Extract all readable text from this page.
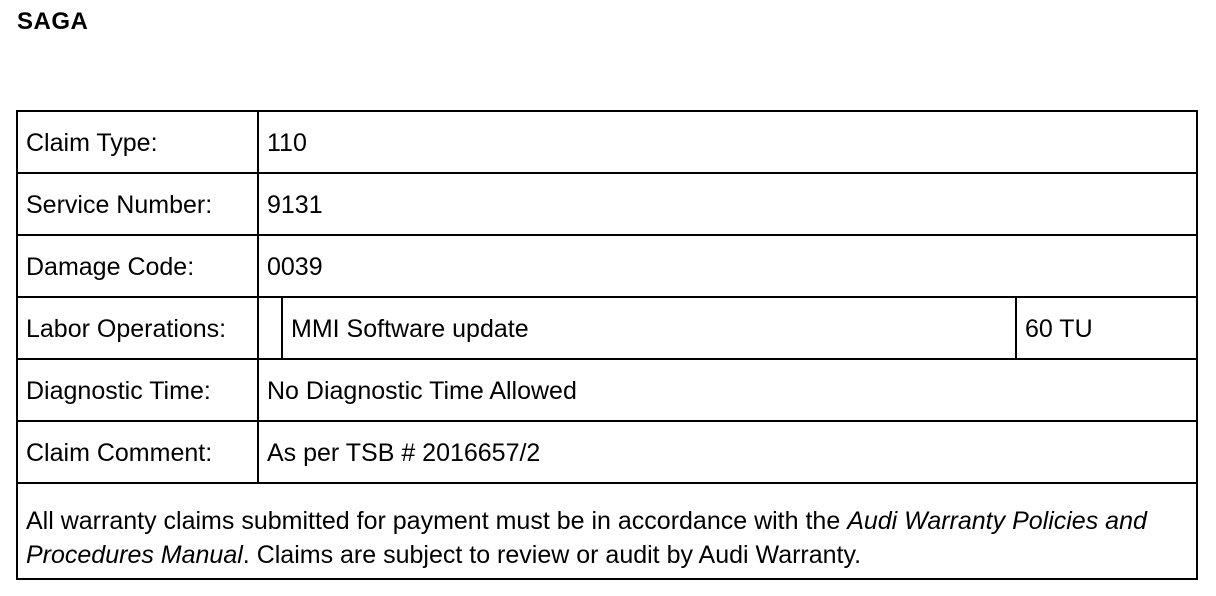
SAGA
Claim Type:	110		
Service Number:	9131		
Damage Code:	0039		
Labor Operations:		MMI Software update	60 TU
Diagnostic Time:	No Diagnostic Time Allowed		
Claim Comment:	As per TSB # 2016657/2		
All warranty claims submitted for payment must be in accordance with the Audi Warranty Policies and Procedures Manual. Claims are subject to review or audit by Audi Warranty.			
